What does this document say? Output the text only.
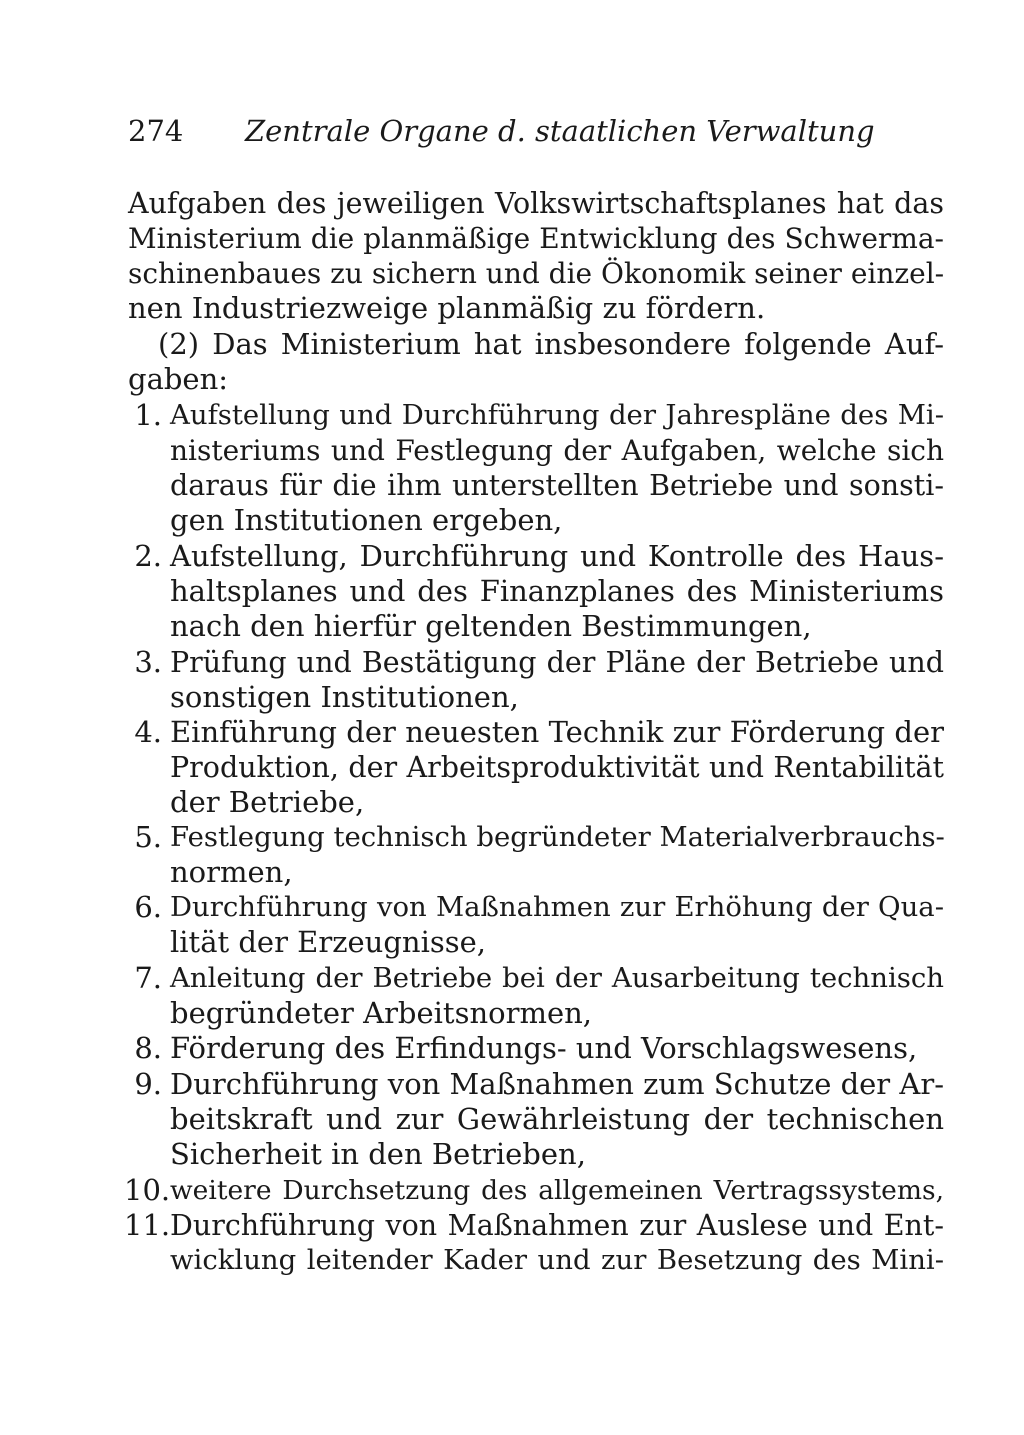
274 Zentrale Organe d. staatlichen Verwaltung
Aufgaben des jeweiligen Volkswirtschaftsplanes hat das
Ministerium die planmäßige Entwicklung des Schwerma-
schinenbaues zu sichern und die Ökonomik seiner einzel-
nen Industriezweige planmäßig zu fördern.
(2) Das Ministerium hat insbesondere folgende Auf-
gaben:
1. Aufstellung und Durchführung der Jahrespläne des Mi-
nisteriums und Festlegung der Aufgaben, welche sich
daraus für die ihm unterstellten Betriebe und sonsti-
gen Institutionen ergeben,
2. Aufstellung, Durchführung und Kontrolle des Haus-
haltsplanes und des Finanzplanes des Ministeriums
nach den hierfür geltenden Bestimmungen,
3. Prüfung und Bestätigung der Pläne der Betriebe und
sonstigen Institutionen,
4. Einführung der neuesten Technik zur Förderung der
Produktion, der Arbeitsproduktivität und Rentabilität
der Betriebe,
5. Festlegung technisch begründeter Materialverbrauchs-
normen,
6. Durchführung von Maßnahmen zur Erhöhung der Qua-
lität der Erzeugnisse,
7. Anleitung der Betriebe bei der Ausarbeitung technisch
begründeter Arbeitsnormen,
8. Förderung des Erfindungs- und Vorschlagswesens,
9. Durchführung von Maßnahmen zum Schutze der Ar-
beitskraft und zur Gewährleistung der technischen
Sicherheit in den Betrieben,
10. weitere Durchsetzung des allgemeinen Vertragssystems,
11. Durchführung von Maßnahmen zur Auslese und Ent-
wicklung leitender Kader und zur Besetzung des Mini-
